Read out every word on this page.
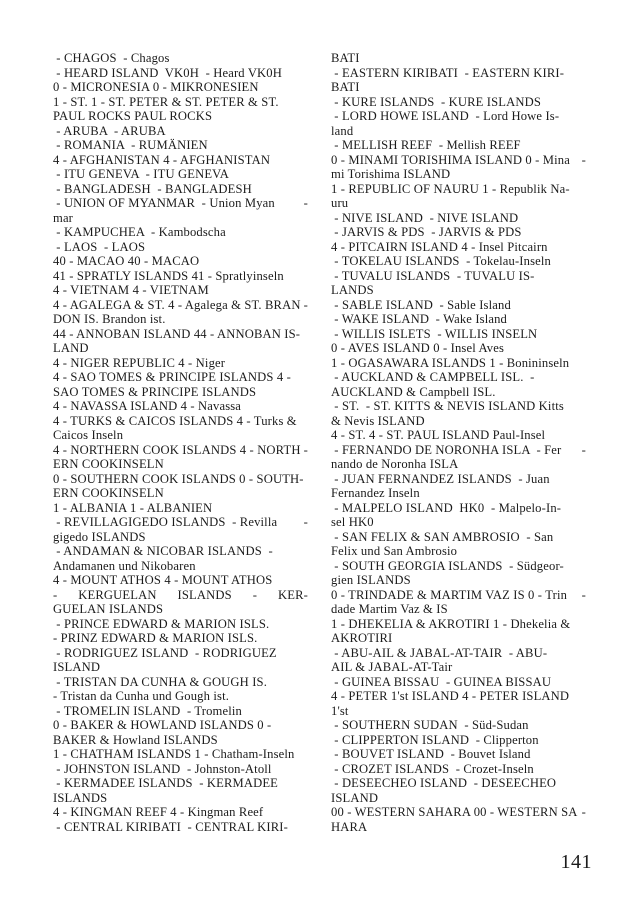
- CHAGOS  - Chagos
- HEARD ISLAND  VK0H  - Heard VK0H
0 - MICRONESIA 0 - MIKRONESIEN
1 - ST. 1 - ST. PETER & ST. PETER & ST.
PAUL ROCKS PAUL ROCKS
- ARUBA  - ARUBA
- ROMANIA  - RUMÄNIEN
4 - AFGHANISTAN 4 - AFGHANISTAN
- ITU GENEVA  - ITU GENEVA
- BANGLADESH  - BANGLADESH
- UNION OF MYANMAR  - Union Myan -
mar
- KAMPUCHEA  - Kambodscha
- LAOS  - LAOS
40 - MACAO 40 - MACAO
41 - SPRATLY ISLANDS 41 - Spratlyinseln
4 - VIETNAM 4 - VIETNAM
4 - AGALEGA & ST. 4 - Agalega & ST. BRAN -
DON IS. Brandon ist.
44 - ANNOBAN ISLAND 44 - ANNOBAN IS-
LAND
4 - NIGER REPUBLIC 4 - Niger
4 - SAO TOMES & PRINCIPE ISLANDS 4 -
SAO TOMES & PRINCIPE ISLANDS
4 - NAVASSA ISLAND 4 - Navassa
4 - TURKS & CAICOS ISLANDS 4 - Turks &
Caicos Inseln
4 - NORTHERN COOK ISLANDS 4 - NORTH -
ERN COOKINSELN
0 - SOUTHERN COOK ISLANDS 0 - SOUTH-
ERN COOKINSELN
1 - ALBANIA 1 - ALBANIEN
- REVILLAGIGEDO ISLANDS  - Revilla -
gigedo ISLANDS
- ANDAMAN & NICOBAR ISLANDS  -
Andamanen und Nikobaren
4 - MOUNT ATHOS 4 - MOUNT ATHOS
- KERGUELAN ISLANDS - KER-
GUELAN ISLANDS
- PRINCE EDWARD & MARION ISLS.
- PRINZ EDWARD & MARION ISLS.
- RODRIGUEZ ISLAND  - RODRIGUEZ
ISLAND
- TRISTAN DA CUNHA & GOUGH IS.
- Tristan da Cunha und Gough ist.
- TROMELIN ISLAND  - Tromelin
0 - BAKER & HOWLAND ISLANDS 0 -
BAKER & Howland ISLANDS
1 - CHATHAM ISLANDS 1 - Chatham-Inseln
- JOHNSTON ISLAND  - Johnston-Atoll
- KERMADEE ISLANDS  - KERMADEE
ISLANDS
4 - KINGMAN REEF 4 - Kingman Reef
- CENTRAL KIRIBATI  - CENTRAL KIRI-
BATI
- EASTERN KIRIBATI  - EASTERN KIRI-
BATI
- KURE ISLANDS  - KURE ISLANDS
- LORD HOWE ISLAND  - Lord Howe Is-
land
- MELLISH REEF  - Mellish REEF
0 - MINAMI TORISHIMA ISLAND 0 - Mina -
mi Torishima ISLAND
1 - REPUBLIC OF NAURU 1 - Republik Na-
uru
- NIVE ISLAND  - NIVE ISLAND
- JARVIS & PDS  - JARVIS & PDS
4 - PITCAIRN ISLAND 4 - Insel Pitcairn
- TOKELAU ISLANDS  - Tokelau-Inseln
- TUVALU ISLANDS  - TUVALU IS-
LANDS
- SABLE ISLAND  - Sable Island
- WAKE ISLAND  - Wake Island
- WILLIS ISLETS  - WILLIS INSELN
0 - AVES ISLAND 0 - Insel Aves
1 - OGASAWARA ISLANDS 1 - Bonininseln
- AUCKLAND & CAMPBELL ISL.  -
AUCKLAND & Campbell ISL.
- ST.  - ST. KITTS & NEVIS ISLAND Kitts
& Nevis ISLAND
4 - ST. 4 - ST. PAUL ISLAND Paul-Insel
- FERNANDO DE NORONHA ISLA  - Fer -
nando de Noronha ISLA
- JUAN FERNANDEZ ISLANDS  - Juan
Fernandez Inseln
- MALPELO ISLAND  HK0  - Malpelo-In-
sel HK0
- SAN FELIX & SAN AMBROSIO  - San
Felix und San Ambrosio
- SOUTH GEORGIA ISLANDS  - Südgeor-
gien ISLANDS
0 - TRINDADE & MARTIM VAZ IS 0 - Trin -
dade Martim Vaz & IS
1 - DHEKELIA & AKROTIRI 1 - Dhekelia &
AKROTIRI
- ABU-AIL & JABAL-AT-TAIR  - ABU-
AIL & JABAL-AT-Tair
- GUINEA BISSAU  - GUINEA BISSAU
4 - PETER 1'st ISLAND 4 - PETER ISLAND
1'st
- SOUTHERN SUDAN  - Süd-Sudan
- CLIPPERTON ISLAND  - Clipperton
- BOUVET ISLAND  - Bouvet Island
- CROZET ISLANDS  - Crozet-Inseln
- DESEECHEO ISLAND  - DESEECHEO
ISLAND
00 - WESTERN SAHARA 00 - WESTERN SA -
HARA
141
